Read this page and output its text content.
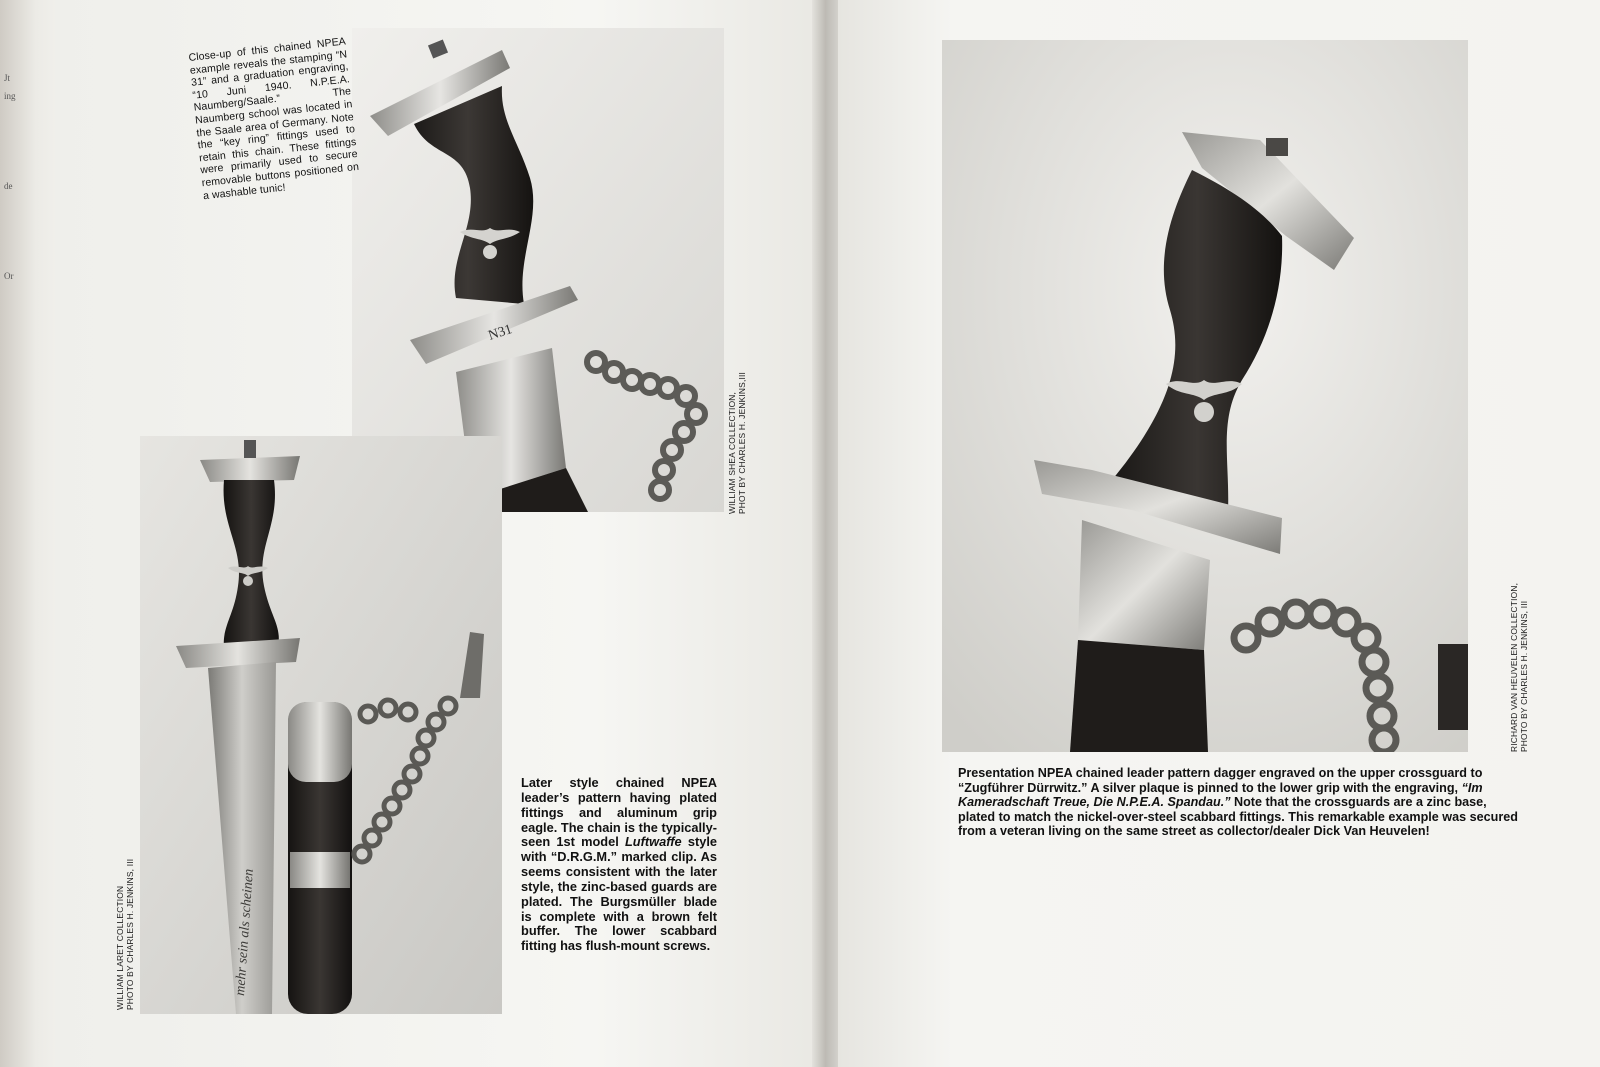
Jt
ing
de
Or
N31
Close-up of this chained NPEA example reveals the stamping “N 31” and a graduation engraving, “10 Juni 1940. N.P.E.A. Naumberg/Saale.” The Naumberg school was located in the Saale area of Germany. Note the “key ring” fittings used to retain this chain. These fittings were primarily used to secure removable buttons positioned on a washable tunic!
WILLIAM SHEA COLLECTION, PHOT BY CHARLES H. JENKINS,III
mehr sein als scheinen
WILLIAM LARET COLLECTION PHOTO BY CHARLES H. JENKINS, III
Later style chained NPEA leader’s pattern having plated fittings and aluminum grip eagle. The chain is the typically-seen 1st model Luftwaffe style with “D.R.G.M.” marked clip. As seems consistent with the later style, the zinc-based guards are plated. The Burgsmüller blade is complete with a brown felt buffer. The lower scabbard fitting has flush-mount screws.
RICHARD VAN HEUVELEN COLLECTION, PHOTO BY CHARLES H. JENKINS, III
Presentation NPEA chained leader pattern dagger engraved on the upper crossguard to “Zugführer Dürrwitz.” A silver plaque is pinned to the lower grip with the engraving, “Im Kameradschaft Treue, Die N.P.E.A. Spandau.” Note that the crossguards are a zinc base, plated to match the nickel-over-steel scabbard fittings. This remarkable example was secured from a veteran living on the same street as collector/dealer Dick Van Heuvelen!
